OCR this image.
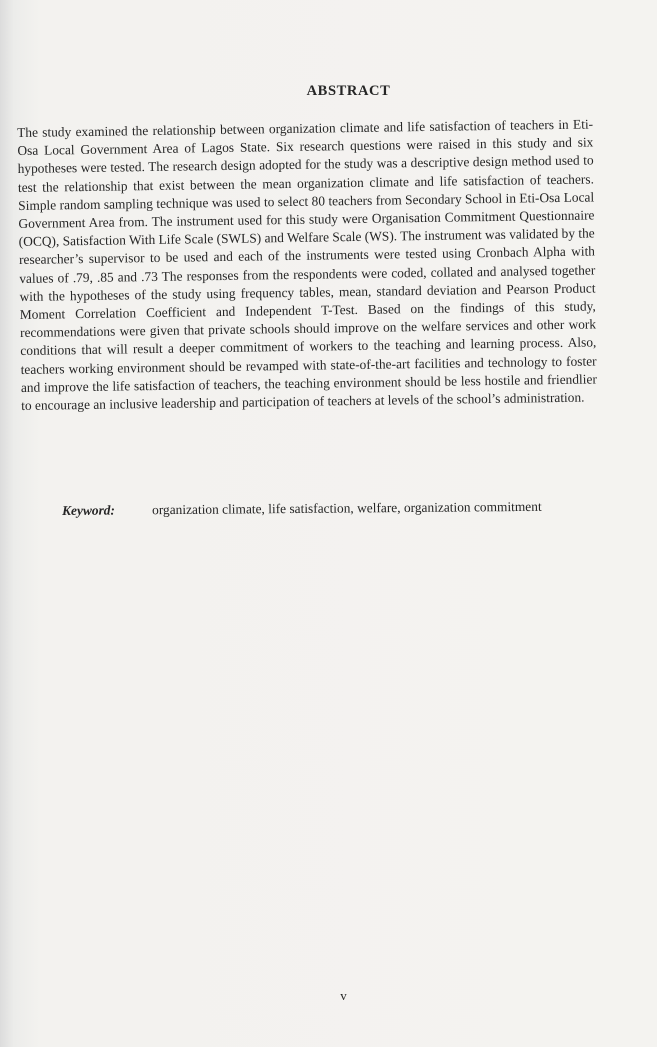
ABSTRACT

The study examined the relationship between organization climate and life satisfaction of teachers in Eti-Osa Local Government Area of Lagos State. Six research questions were raised in this study and six hypotheses were tested. The research design adopted for the study was a descriptive design method used to test the relationship that exist between the mean organization climate and life satisfaction of teachers. Simple random sampling technique was used to select 80 teachers from Secondary School in Eti-Osa Local Government Area from. The instrument used for this study were Organisation Commitment Questionnaire (OCQ), Satisfaction With Life Scale (SWLS) and Welfare Scale (WS). The instrument was validated by the researcher’s supervisor to be used and each of the instruments were tested using Cronbach Alpha with values of .79, .85 and .73 The responses from the respondents were coded, collated and analysed together with the hypotheses of the study using frequency tables, mean, standard deviation and Pearson Product Moment Correlation Coefficient and Independent T-Test. Based on the findings of this study, recommendations were given that private schools should improve on the welfare services and other work conditions that will result a deeper commitment of workers to the teaching and learning process. Also, teachers working environment should be revamped with state-of-the-art facilities and technology to foster and improve the life satisfaction of teachers, the teaching environment should be less hostile and friendlier to encourage an inclusive leadership and participation of teachers at levels of the school’s administration.

Keyword:	organization climate, life satisfaction, welfare, organization commitment
v
